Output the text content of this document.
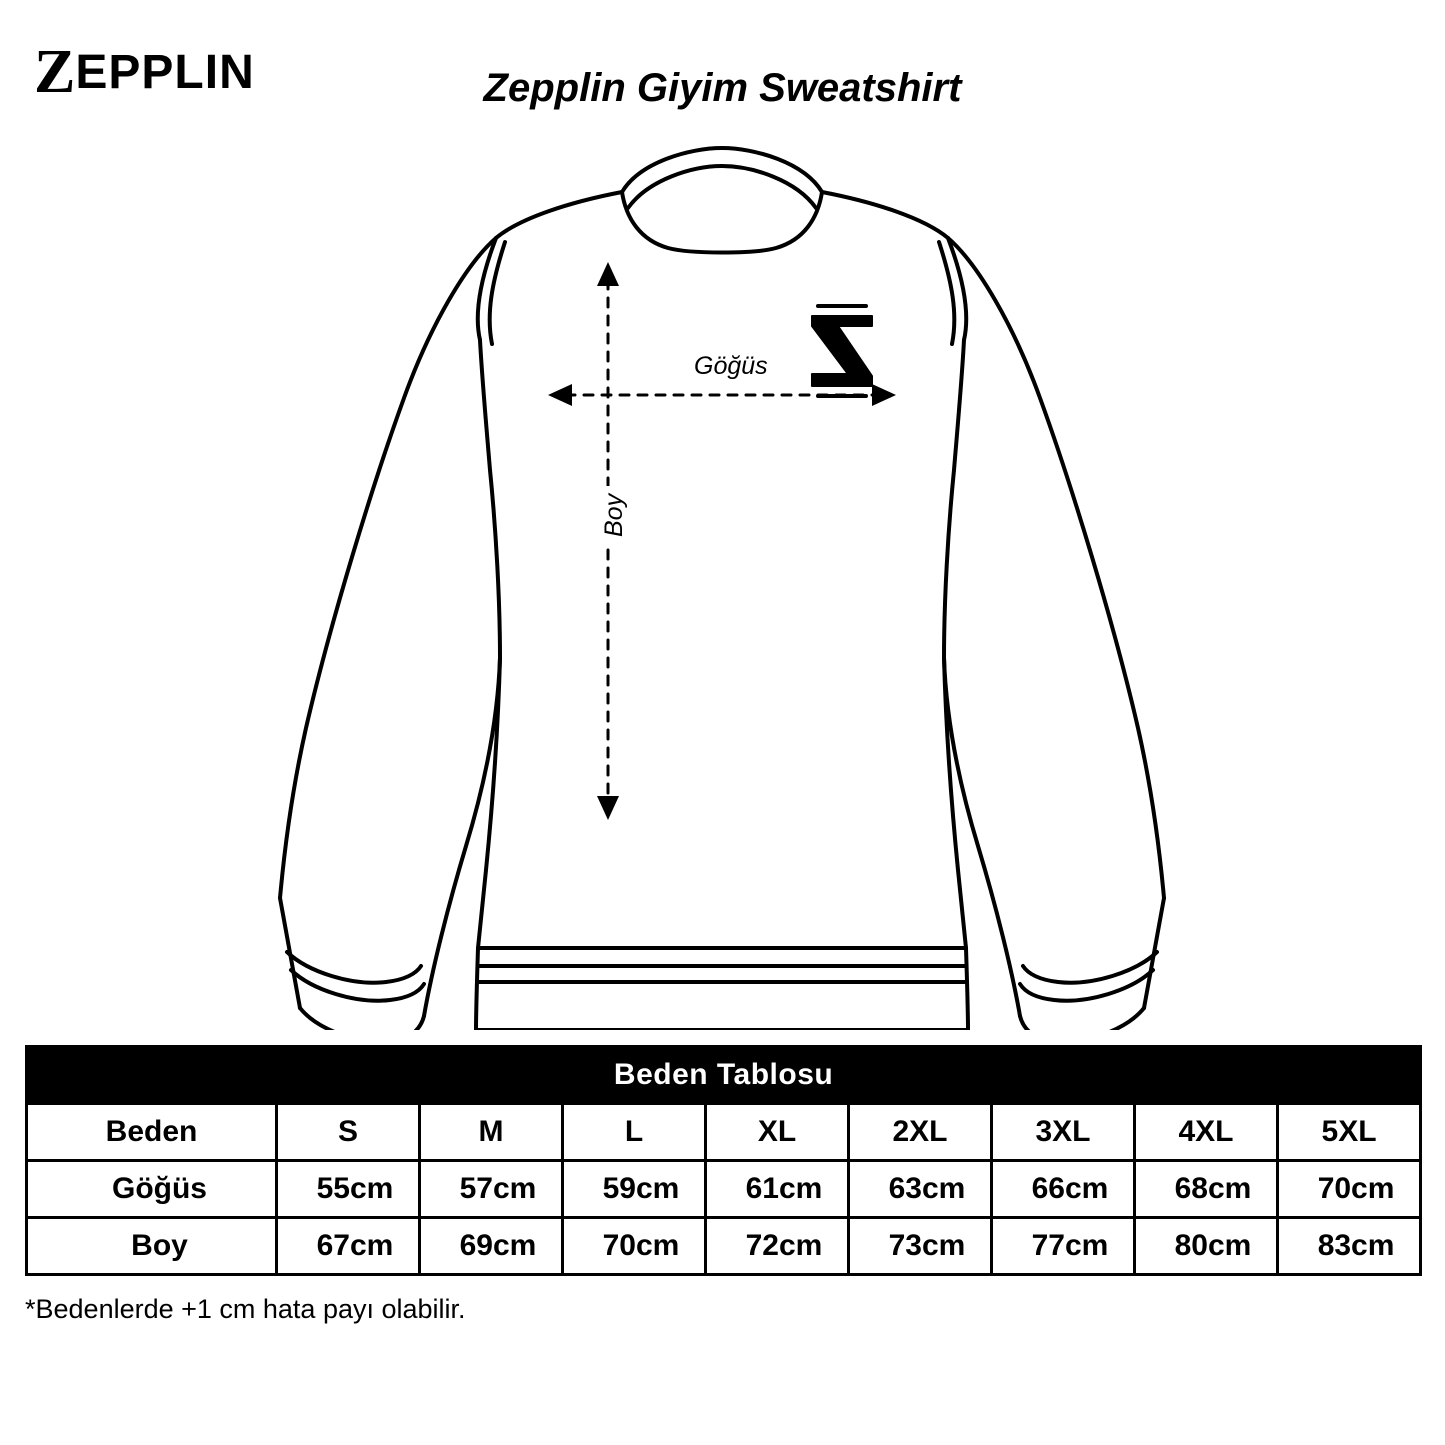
Z EPPLIN	Zepplin Giyim Sweatshirt
Göğüs
Boy
Beden Tablosu								
Beden	S	M	L	XL	2XL	3XL	4XL	5XL
Göğüs	55cm	57cm	59cm	61cm	63cm	66cm	68cm	70cm
Boy	67cm	69cm	70cm	72cm	73cm	77cm	80cm	83cm
*Bedenlerde +1 cm hata payı olabilir.
